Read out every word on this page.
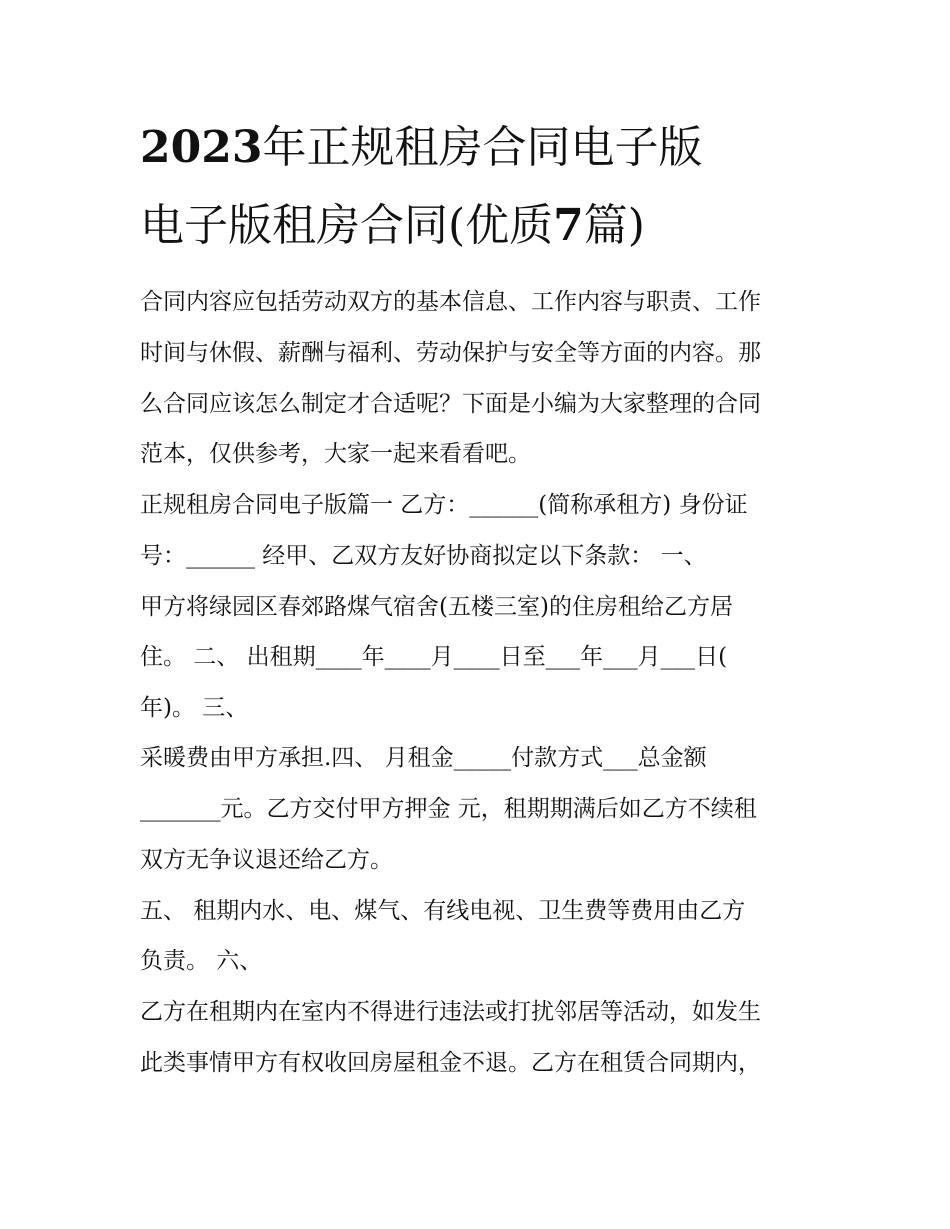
2023年正规租房合同电子版
电子版租房合同(优质7篇)

合同内容应包括劳动双方的基本信息、工作内容与职责、工作

时间与休假、薪酬与福利、劳动保护与安全等方面的内容。那

么合同应该怎么制定才合适呢？下面是小编为大家整理的合同

范本，仅供参考，大家一起来看看吧。

正规租房合同电子版篇一 乙方：______(简称承租方) 身份证

号：______ 经甲、乙双方友好协商拟定以下条款： 一、

甲方将绿园区春郊路煤气宿舍(五楼三室)的住房租给乙方居

住。 二、 出租期____年____月____日至___年___月___日(

年)。 三、

采暖费由甲方承担.四、 月租金_____付款方式___总金额

_______元。乙方交付甲方押金 元，租期期满后如乙方不续租

双方无争议退还给乙方。

五、 租期内水、电、煤气、有线电视、卫生费等费用由乙方

负责。 六、

乙方在租期内在室内不得进行违法或打扰邻居等活动，如发生

此类事情甲方有权收回房屋租金不退。乙方在租赁合同期内，
